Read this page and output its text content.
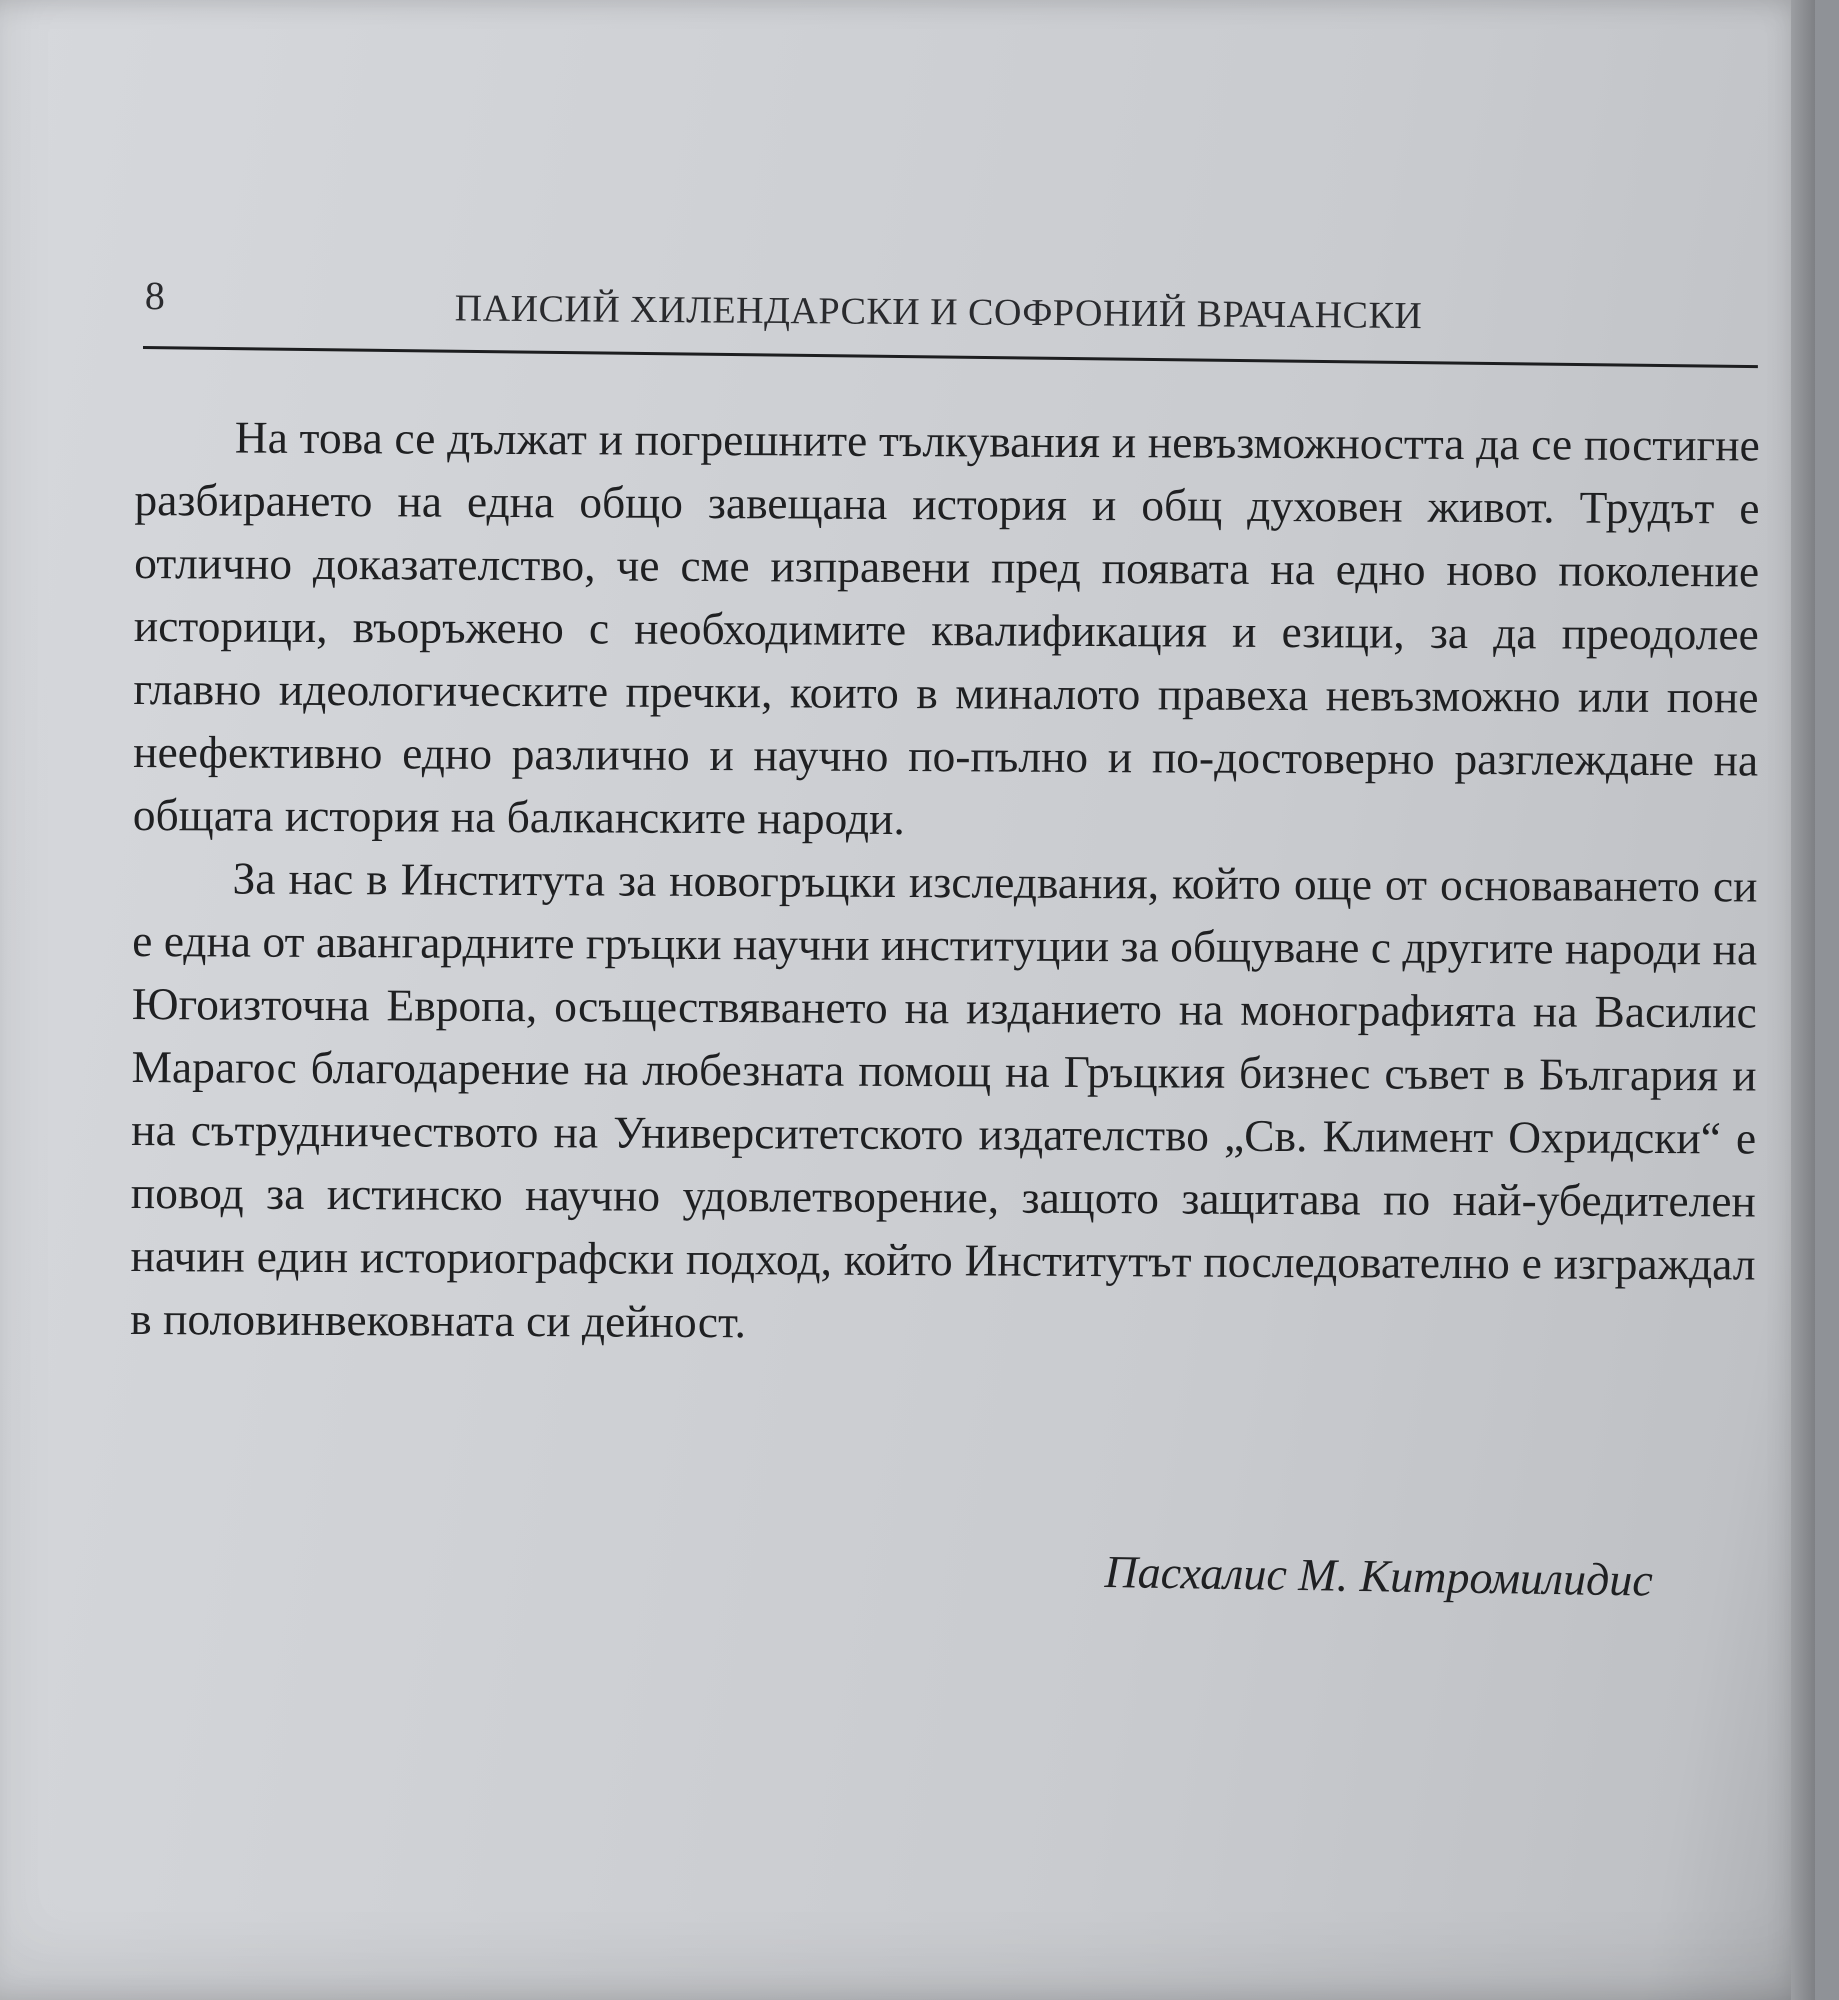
8	ПАИСИЙ ХИЛЕНДАРСКИ И СОФРОНИЙ ВРАЧАНСКИ

На това се дължат и погрешните тълкувания и невъзможността да се постигне разбирането на една общо завещана история и общ духовен живот. Трудът е отлично доказателство, че сме изправени пред появата на едно ново поколение историци, въоръжено с необходимите квалификация и езици, за да преодолее главно идеологическите пречки, които в миналото правеха невъзможно или поне неефективно едно различно и научно по-пълно и по-достоверно разглеждане на общата история на балканските народи.

За нас в Института за новогръцки изследвания, който още от основаването си е една от авангардните гръцки научни институции за общуване с другите народи на Югоизточна Европа, осъществяването на изданието на монографията на Василис Марагос благодарение на любезната помощ на Гръцкия бизнес съвет в България и на сътрудничеството на Университетското издателство „Св. Климент Охридски“ е повод за истинско научно удовлетворение, защото защитава по най-убедителен начин един историографски подход, който Институтът последователно е изграждал в половинвековната си дейност.

Пасхалис М. Китромилидис
